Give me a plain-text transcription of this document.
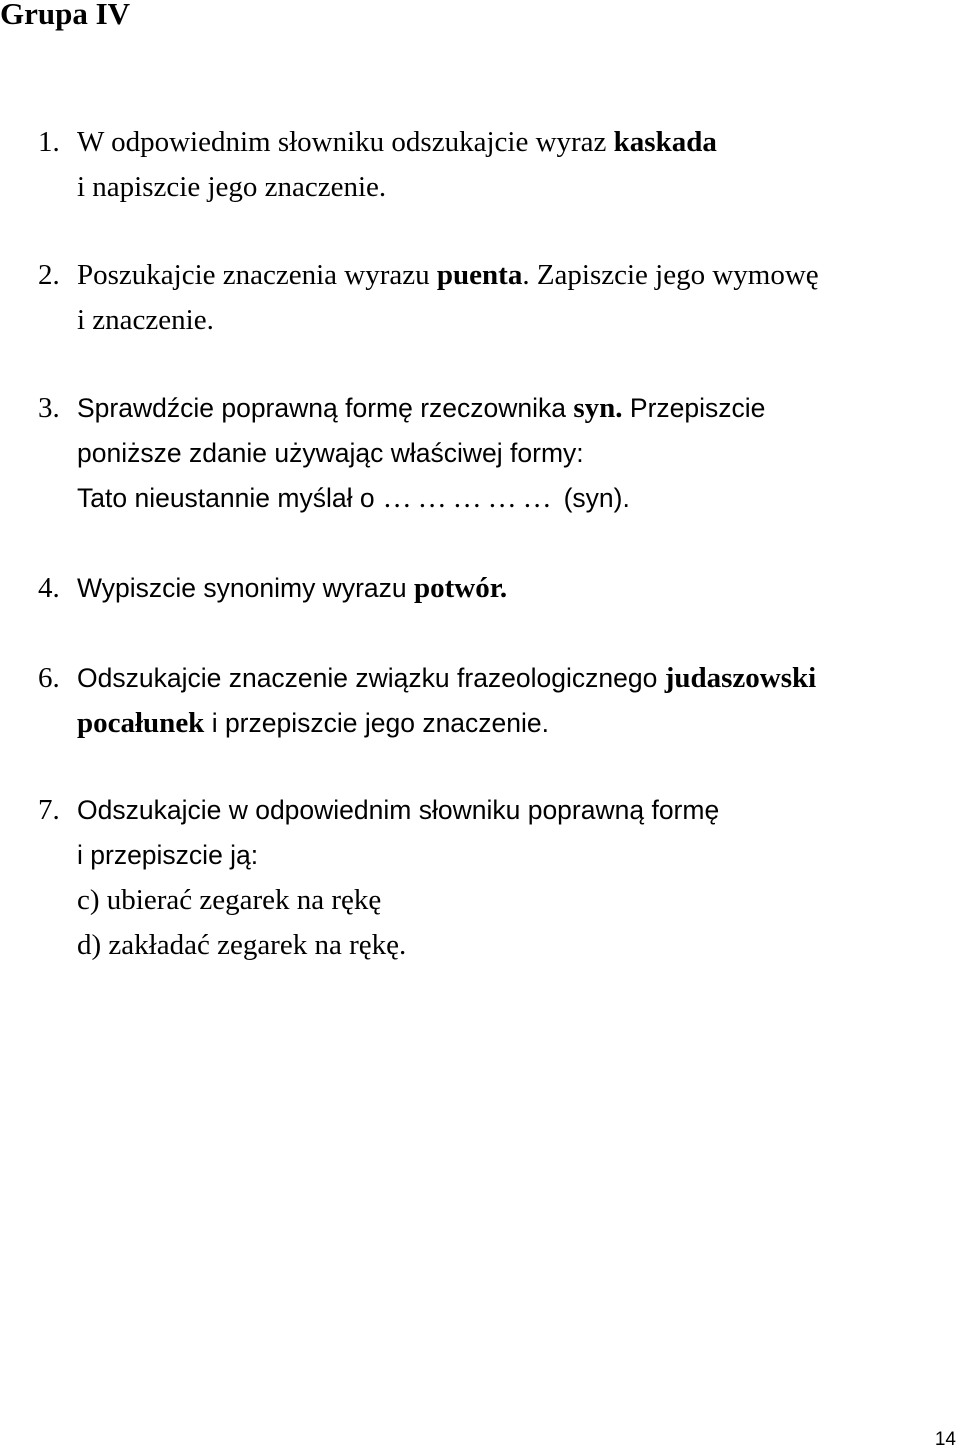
Grupa IV
1. W odpowiednim słowniku odszukajcie wyraz kaskada
i napiszcie jego znaczenie.
2. Poszukajcie znaczenia wyrazu puenta. Zapiszcie jego wymowę
i znaczenie.
3. Sprawdźcie poprawną formę rzeczownika syn. Przepiszcie
poniższe zdanie używając właściwej formy:
Tato nieustannie myślał o …………… (syn).
4. Wypiszcie synonimy wyrazu potwór.
6. Odszukajcie znaczenie związku frazeologicznego judaszowski
pocałunek i przepiszcie jego znaczenie.
7. Odszukajcie w odpowiednim słowniku poprawną formę
i przepiszcie ją:
c) ubierać zegarek na rękę
d) zakładać zegarek na rękę.
14
